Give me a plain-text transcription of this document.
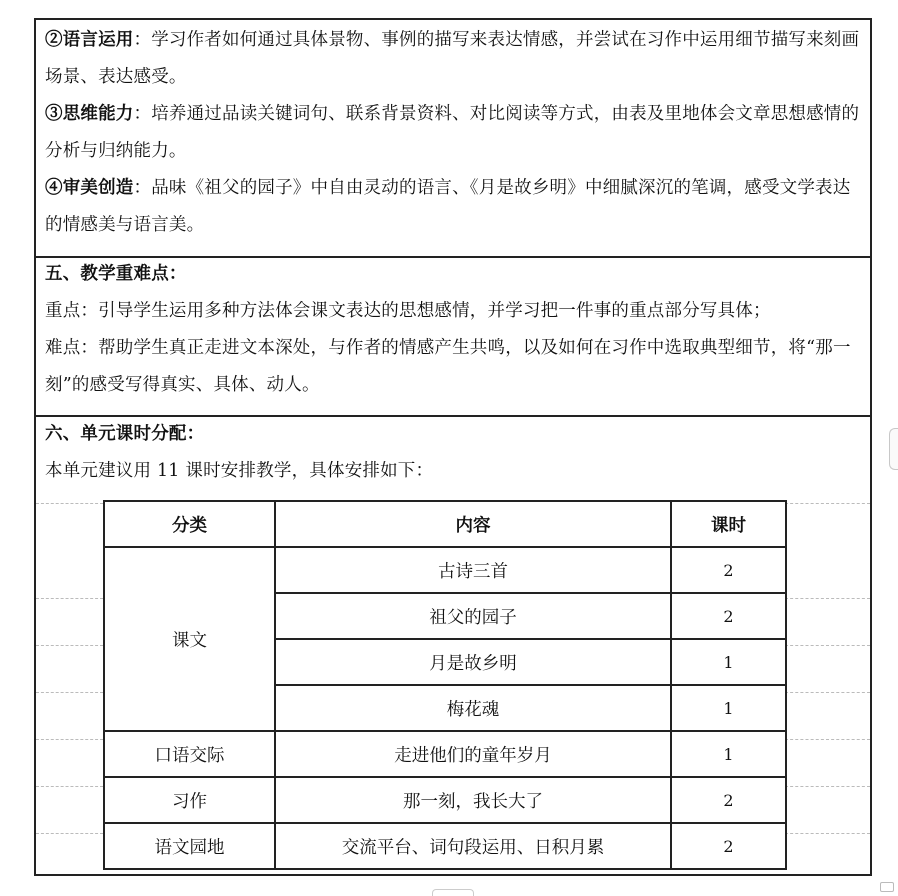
②语言运用：学习作者如何通过具体景物、事例的描写来表达情感，并尝试在习作中运用细节描写来刻画场景、表达感受。

③思维能力：培养通过品读关键词句、联系背景资料、对比阅读等方式，由表及里地体会文章思想感情的分析与归纳能力。

④审美创造：品味《祖父的园子》中自由灵动的语言、《月是故乡明》中细腻深沉的笔调，感受文学表达的情感美与语言美。

五、教学重难点：

重点：引导学生运用多种方法体会课文表达的思想感情，并学习把一件事的重点部分写具体；

难点：帮助学生真正走进文本深处，与作者的情感产生共鸣，以及如何在习作中选取典型细节，将“那一刻”的感受写得真实、具体、动人。

六、单元课时分配：

本单元建议用 11 课时安排教学，具体安排如下：

分类	内容	课时
课文	古诗三首	2
	祖父的园子	2
	月是故乡明	1
	梅花魂	1
口语交际	走进他们的童年岁月	1
习作	那一刻，我长大了	2
语文园地	交流平台、词句段运用、日积月累	2
